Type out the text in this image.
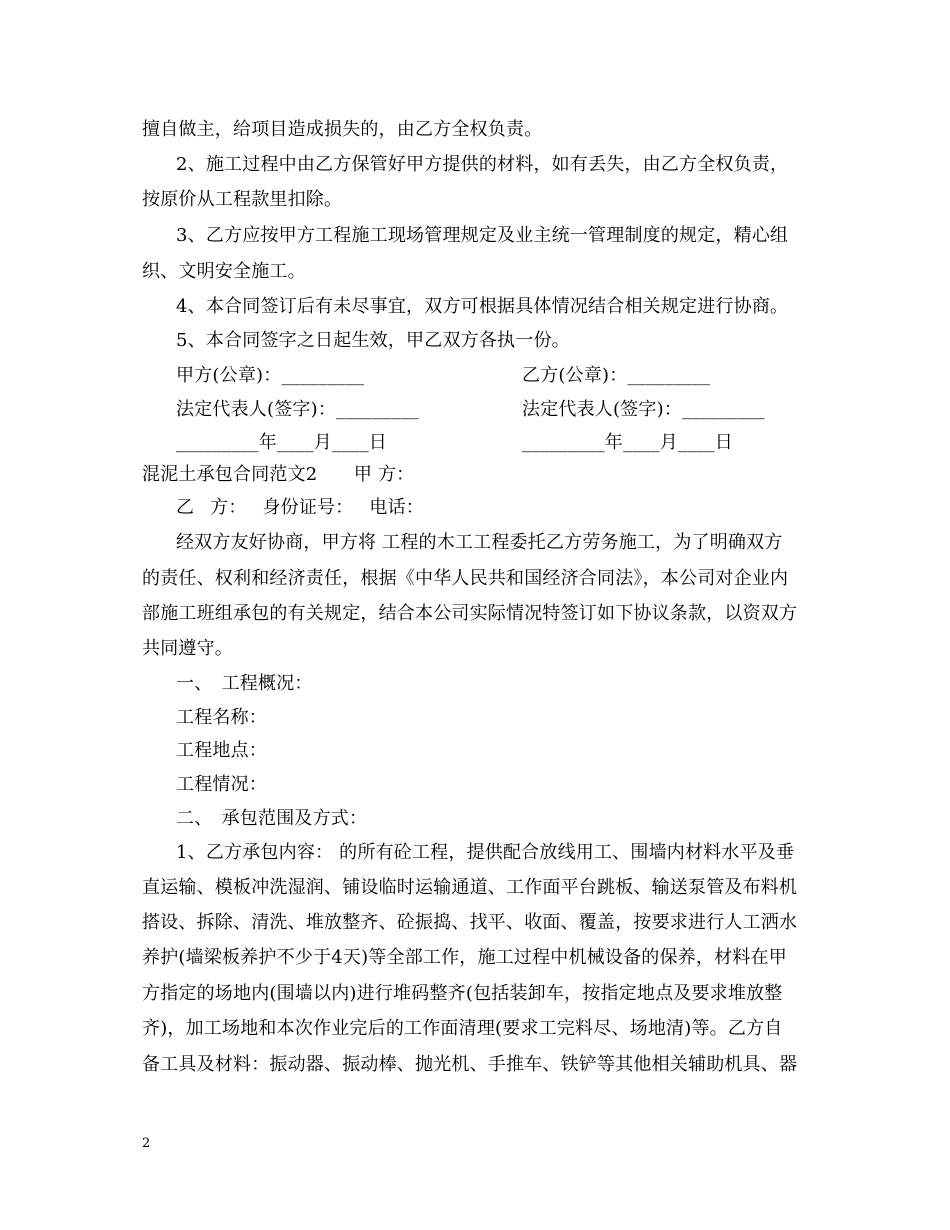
擅自做主，给项目造成损失的，由乙方全权负责。
2、施工过程中由乙方保管好甲方提供的材料，如有丢失，由乙方全权负责，
按原价从工程款里扣除。
3、乙方应按甲方工程施工现场管理规定及业主统一管理制度的规定，精心组
织、文明安全施工。
4、本合同签订后有未尽事宜，双方可根据具体情况结合相关规定进行协商。
5、本合同签字之日起生效，甲乙双方各执一份。
甲方(公章)：_________	乙方(公章)：_________
法定代表人(签字)：_________	法定代表人(签字)：_________
_________年____月____日	_________年____月____日
混泥土承包合同范文2　　甲 方：
乙 方： 身份证号： 电话：
经双方友好协商，甲方将 工程的木工工程委托乙方劳务施工，为了明确双方
的责任、权利和经济责任，根据《中华人民共和国经济合同法》，本公司对企业内
部施工班组承包的有关规定，结合本公司实际情况特签订如下协议条款，以资双方
共同遵守。
一、　工程概况：
工程名称：
工程地点：
工程情况：
二、　承包范围及方式：
1、乙方承包内容： 的所有砼工程，提供配合放线用工、围墙内材料水平及垂
直运输、模板冲洗湿润、铺设临时运输通道、工作面平台跳板、输送泵管及布料机
搭设、拆除、清洗、堆放整齐、砼振捣、找平、收面、覆盖，按要求进行人工洒水
养护(墙梁板养护不少于4天)等全部工作，施工过程中机械设备的保养，材料在甲
方指定的场地内(围墙以内)进行堆码整齐(包括装卸车，按指定地点及要求堆放整
齐)，加工场地和本次作业完后的工作面清理(要求工完料尽、场地清)等。乙方自
备工具及材料：振动器、振动棒、抛光机、手推车、铁铲等其他相关辅助机具、器
2
